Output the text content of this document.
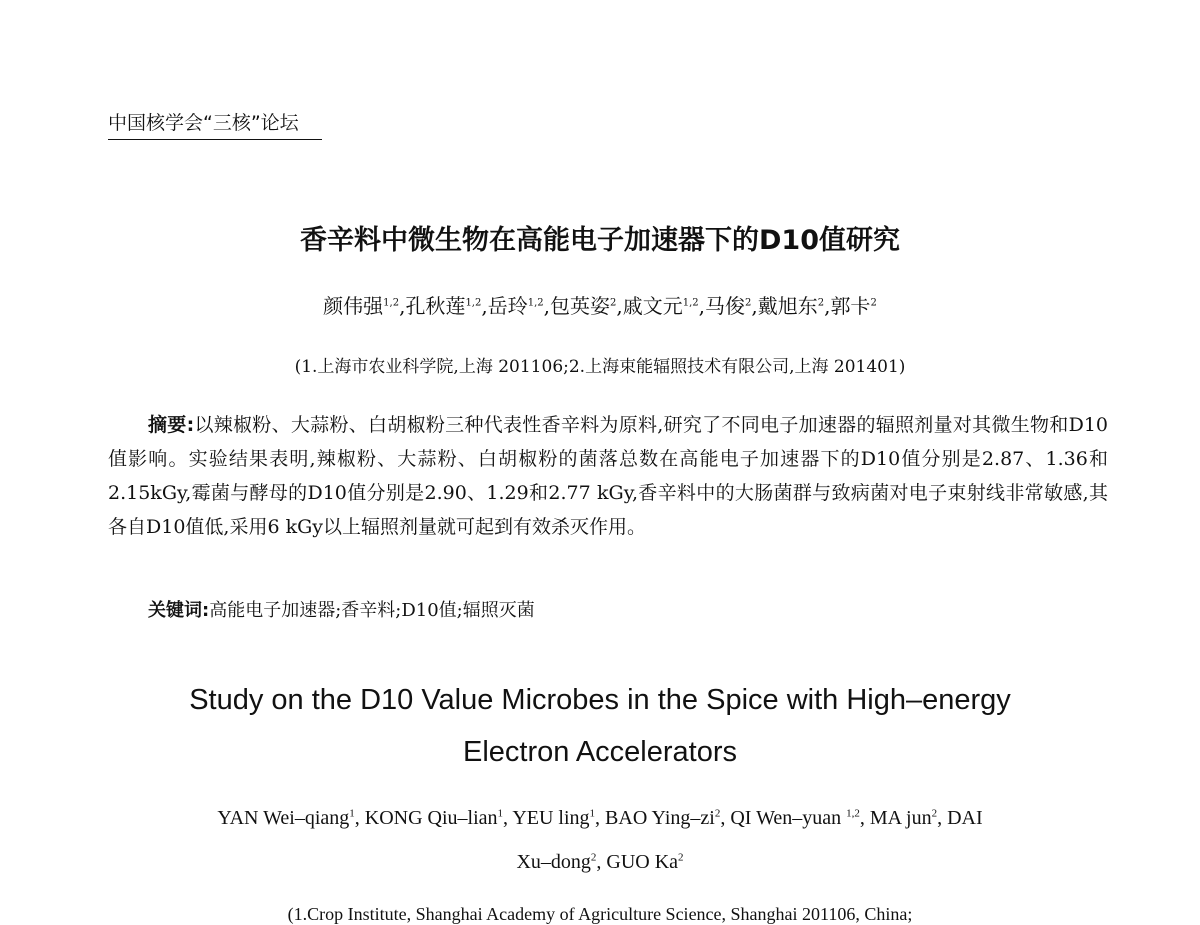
中国核学会“三核”论坛
香辛料中微生物在高能电子加速器下的D10值研究
颜伟强$^{1,2}$,孔秋莲$^{1,2}$,岳玲$^{1,2}$,包英姿$^2$,戚文元$^{1,2}$,马俊$^2$,戴旭东$^2$,郭卡$^2$
(1.上海市农业科学院,上海 201106;2.上海束能辐照技术有限公司,上海 201401)
摘要:以辣椒粉、大蒜粉、白胡椒粉三种代表性香辛料为原料,研究了不同电子加速器的辐照剂量对其微生物和D10值影响。实验结果表明,辣椒粉、大蒜粉、白胡椒粉的菌落总数在高能电子加速器下的D10值分别是2.87、1.36和2.15kGy,霉菌与酵母的D10值分别是2.90、1.29和2.77 kGy,香辛料中的大肠菌群与致病菌对电子束射线非常敏感,其各自D10值低,采用6 kGy以上辐照剂量就可起到有效杀灭作用。
关键词:高能电子加速器;香辛料;D10值;辐照灭菌
Study on the D10 Value Microbes in the Spice with High–energy
Electron Accelerators
YAN Wei–qiang$^1$, KONG Qiu–lian$^1$, YEU ling$^1$, BAO Ying–$zi^2$, QI Wen–yuan $^{1,2}$, MA jun$^2$, DAI
Xu–dong$^2$, GUO Ka$^2$
(1.Crop Institute, Shanghai Academy of Agriculture Science, Shanghai 201106, China;
